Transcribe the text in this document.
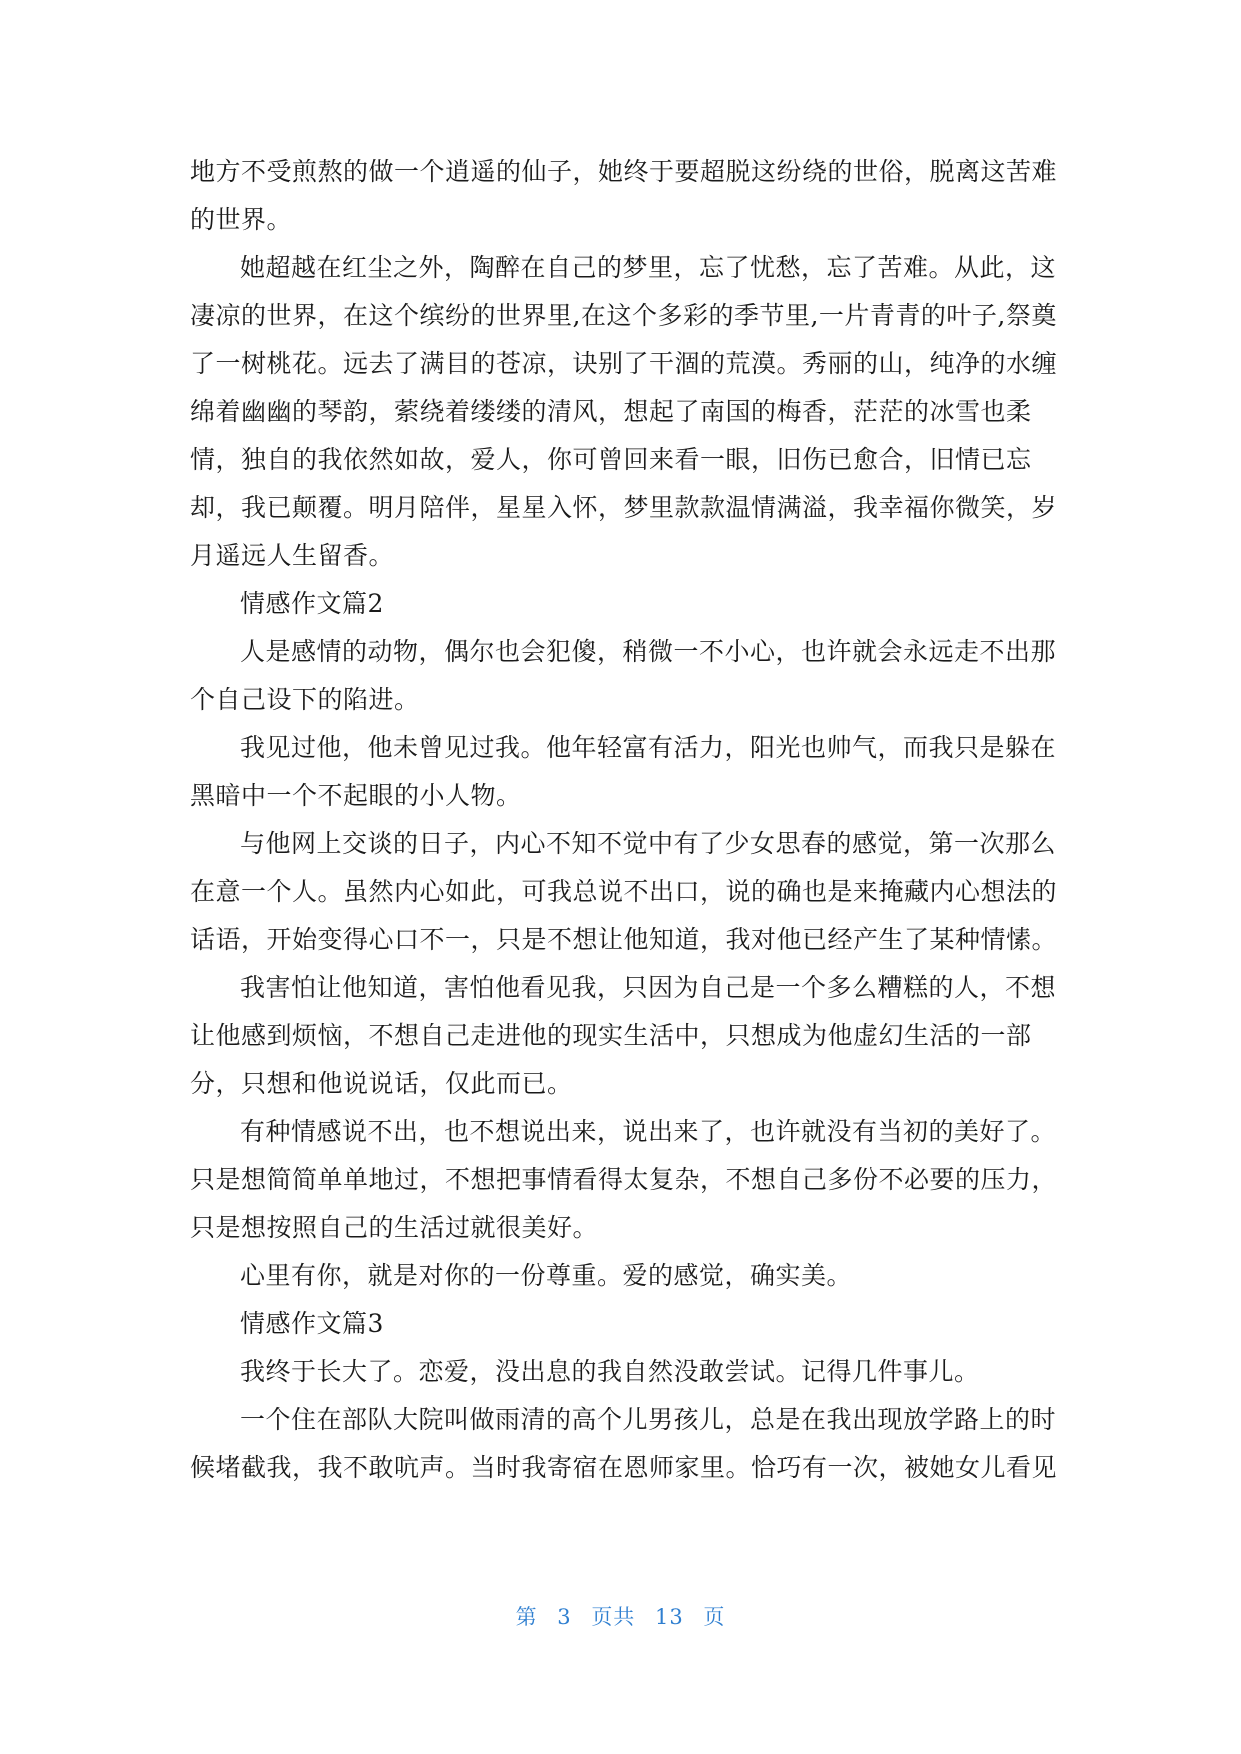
地方不受煎熬的做一个逍遥的仙子，她终于要超脱这纷绕的世俗，脱离这苦难
的世界。
她超越在红尘之外，陶醉在自己的梦里，忘了忧愁，忘了苦难。从此，这
凄凉的世界，在这个缤纷的世界里,在这个多彩的季节里,一片青青的叶子,祭奠
了一树桃花。远去了满目的苍凉，诀别了干涸的荒漠。秀丽的山，纯净的水缠
绵着幽幽的琴韵，萦绕着缕缕的清风，想起了南国的梅香，茫茫的冰雪也柔
情，独自的我依然如故，爱人，你可曾回来看一眼，旧伤已愈合，旧情已忘
却，我已颠覆。明月陪伴，星星入怀，梦里款款温情满溢，我幸福你微笑，岁
月遥远人生留香。
情感作文篇2
人是感情的动物，偶尔也会犯傻，稍微一不小心，也许就会永远走不出那
个自己设下的陷进。
我见过他，他未曾见过我。他年轻富有活力，阳光也帅气，而我只是躲在
黑暗中一个不起眼的小人物。
与他网上交谈的日子，内心不知不觉中有了少女思春的感觉，第一次那么
在意一个人。虽然内心如此，可我总说不出口，说的确也是来掩藏内心想法的
话语，开始变得心口不一，只是不想让他知道，我对他已经产生了某种情愫。
我害怕让他知道，害怕他看见我，只因为自己是一个多么糟糕的人，不想
让他感到烦恼，不想自己走进他的现实生活中，只想成为他虚幻生活的一部
分，只想和他说说话，仅此而已。
有种情感说不出，也不想说出来，说出来了，也许就没有当初的美好了。
只是想简简单单地过，不想把事情看得太复杂，不想自己多份不必要的压力，
只是想按照自己的生活过就很美好。
心里有你，就是对你的一份尊重。爱的感觉，确实美。
情感作文篇3
我终于长大了。恋爱，没出息的我自然没敢尝试。记得几件事儿。
一个住在部队大院叫做雨清的高个儿男孩儿，总是在我出现放学路上的时
候堵截我，我不敢吭声。当时我寄宿在恩师家里。恰巧有一次，被她女儿看见
第 3 页共 13 页
